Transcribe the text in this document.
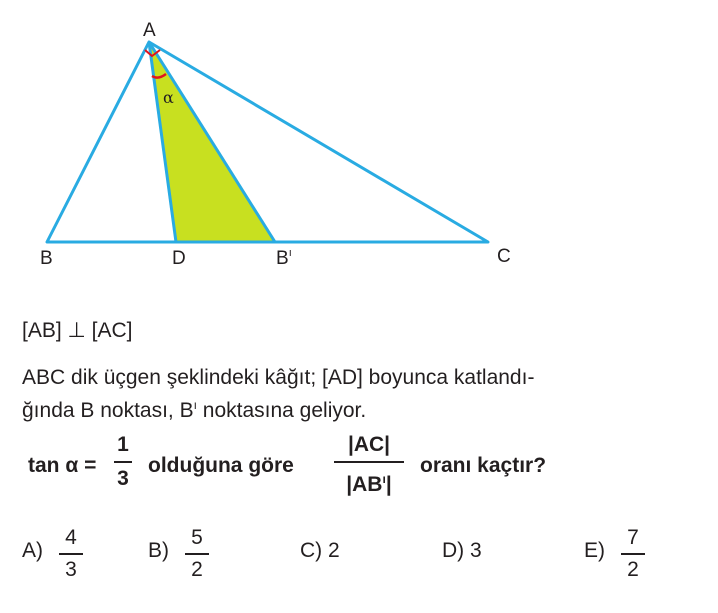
A
B	D	$B^ı$	C
α
[AB] ⊥ [AC]
ABC dik üçgen şeklindeki kâğıt; [AD] boyunca katlandı-
ğında B noktası, $B^ı$ noktasına geliyor.
tan α =
1
3
olduğuna göre
|AC|
$|AB^ı|$
oranı kaçtır?
A)
4
3
B)
5
2
C) 2	D) 3	E)
7
2
